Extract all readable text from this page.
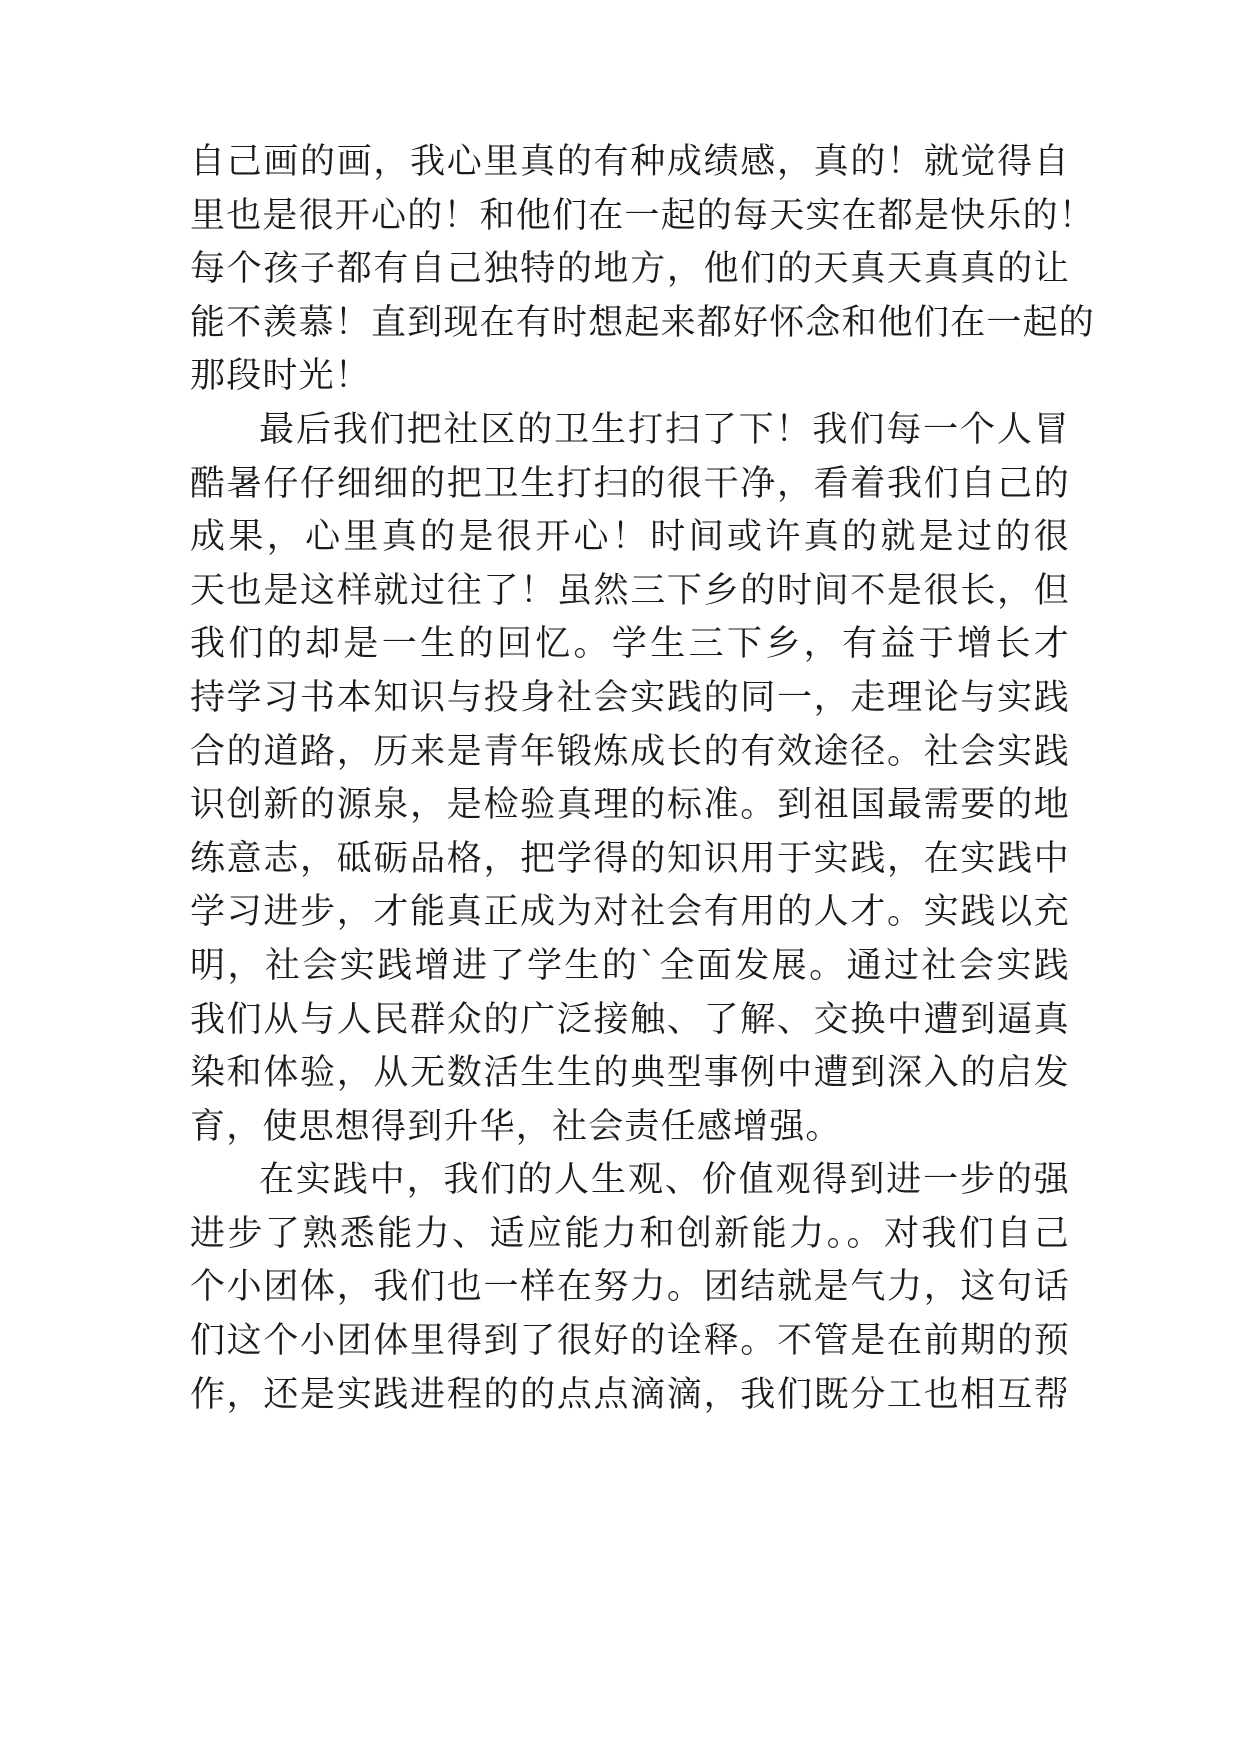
自己画的画，我心里真的有种成绩感，真的！就觉得自
里也是很开心的！和他们在一起的每天实在都是快乐的！
每个孩子都有自己独特的地方，他们的天真天真真的让
能不羡慕！直到现在有时想起来都好怀念和他们在一起的
那段时光！
最后我们把社区的卫生打扫了下！我们每一个人冒
酷暑仔仔细细的把卫生打扫的很干净，看着我们自己的
成果，心里真的是很开心！时间或许真的就是过的很
天也是这样就过往了！虽然三下乡的时间不是很长，但
我们的却是一生的回忆。学生三下乡，有益于增长才
持学习书本知识与投身社会实践的同一，走理论与实践
合的道路，历来是青年锻炼成长的有效途径。社会实践
识创新的源泉，是检验真理的标准。到祖国最需要的地
练意志，砥砺品格，把学得的知识用于实践，在实践中
学习进步，才能真正成为对社会有用的人才。实践以充
明，社会实践增进了学生的`全面发展。通过社会实践
我们从与人民群众的广泛接触、了解、交换中遭到逼真
染和体验，从无数活生生的典型事例中遭到深入的启发
育，使思想得到升华，社会责任感增强。
在实践中，我们的人生观、价值观得到进一步的强
进步了熟悉能力、适应能力和创新能力。。对我们自己
个小团体，我们也一样在努力。团结就是气力，这句话
们这个小团体里得到了很好的诠释。不管是在前期的预
作，还是实践进程的的点点滴滴，我们既分工也相互帮
